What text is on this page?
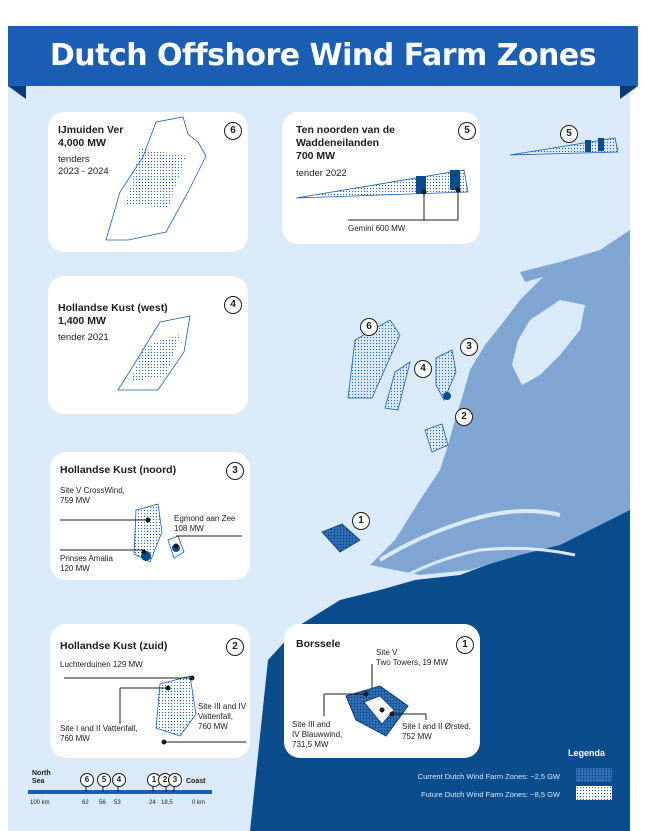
Dutch Offshore Wind Farm Zones
6
5
4
3
2
1
IJmuiden Ver
4,000 MW
tenders
2023 - 2024
6	Ten noorden van de
Waddeneilanden
700 MW
tender 2022
5
Gemini 600 MW
Hollandse Kust (west)
1,400 MW
tender 2021
4
Hollandse Kust (noord)	3
Site V CrossWind,
759 MW
Egmond aan Zee
108 MW
Prinses Amalia
120 MW
Hollandse Kust (zuid)	2
Luchterduinen 129 MW
Site III and IV
Vattenfall,
760 MW
Site I and II Vattenfall,
760 MW
Borssele	1
Site V
Two Towers, 19 MW
Site III and
IV Blauwwind,
731,5 MW
Site I and II Ørsted,
752 MW
North
Sea	Coast
6	5	4	1 2 3
100 km	62 56 53	24 18,5	0 km
Legenda
Current Dutch Wind Farm Zones: ~2,5 GW
Future Dutch Wind Farm Zones: ~8,5 GW
